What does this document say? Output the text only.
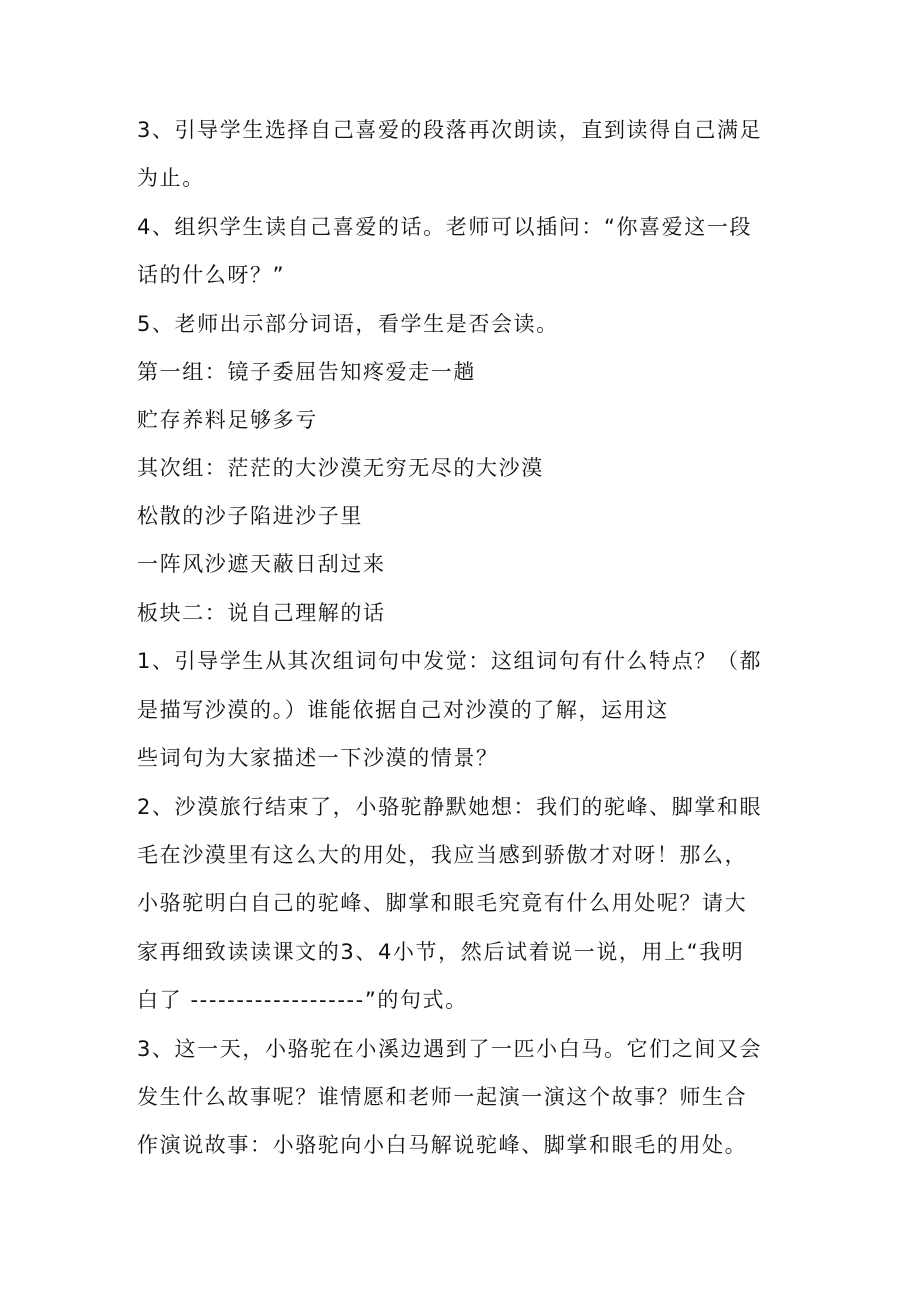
3、引导学生选择自己喜爱的段落再次朗读，直到读得自己满足
为止。
4、组织学生读自己喜爱的话。老师可以插问：“你喜爱这一段
话的什么呀？”
5、老师出示部分词语，看学生是否会读。
第一组：镜子委屈告知疼爱走一趟
贮存养料足够多亏
其次组：茫茫的大沙漠无穷无尽的大沙漠
松散的沙子陷进沙子里
一阵风沙遮天蔽日刮过来
板块二：说自己理解的话
1、引导学生从其次组词句中发觉：这组词句有什么特点？（都
是描写沙漠的。）谁能依据自己对沙漠的了解，运用这
些词句为大家描述一下沙漠的情景？
2、沙漠旅行结束了，小骆驼静默她想：我们的驼峰、脚掌和眼
毛在沙漠里有这么大的用处，我应当感到骄傲才对呀！那么，
小骆驼明白自己的驼峰、脚掌和眼毛究竟有什么用处呢？请大
家再细致读读课文的3、4小节，然后试着说一说，用上“我明
白了 -------------------”的句式。
3、这一天，小骆驼在小溪边遇到了一匹小白马。它们之间又会
发生什么故事呢？谁情愿和老师一起演一演这个故事？师生合
作演说故事：小骆驼向小白马解说驼峰、脚掌和眼毛的用处。
